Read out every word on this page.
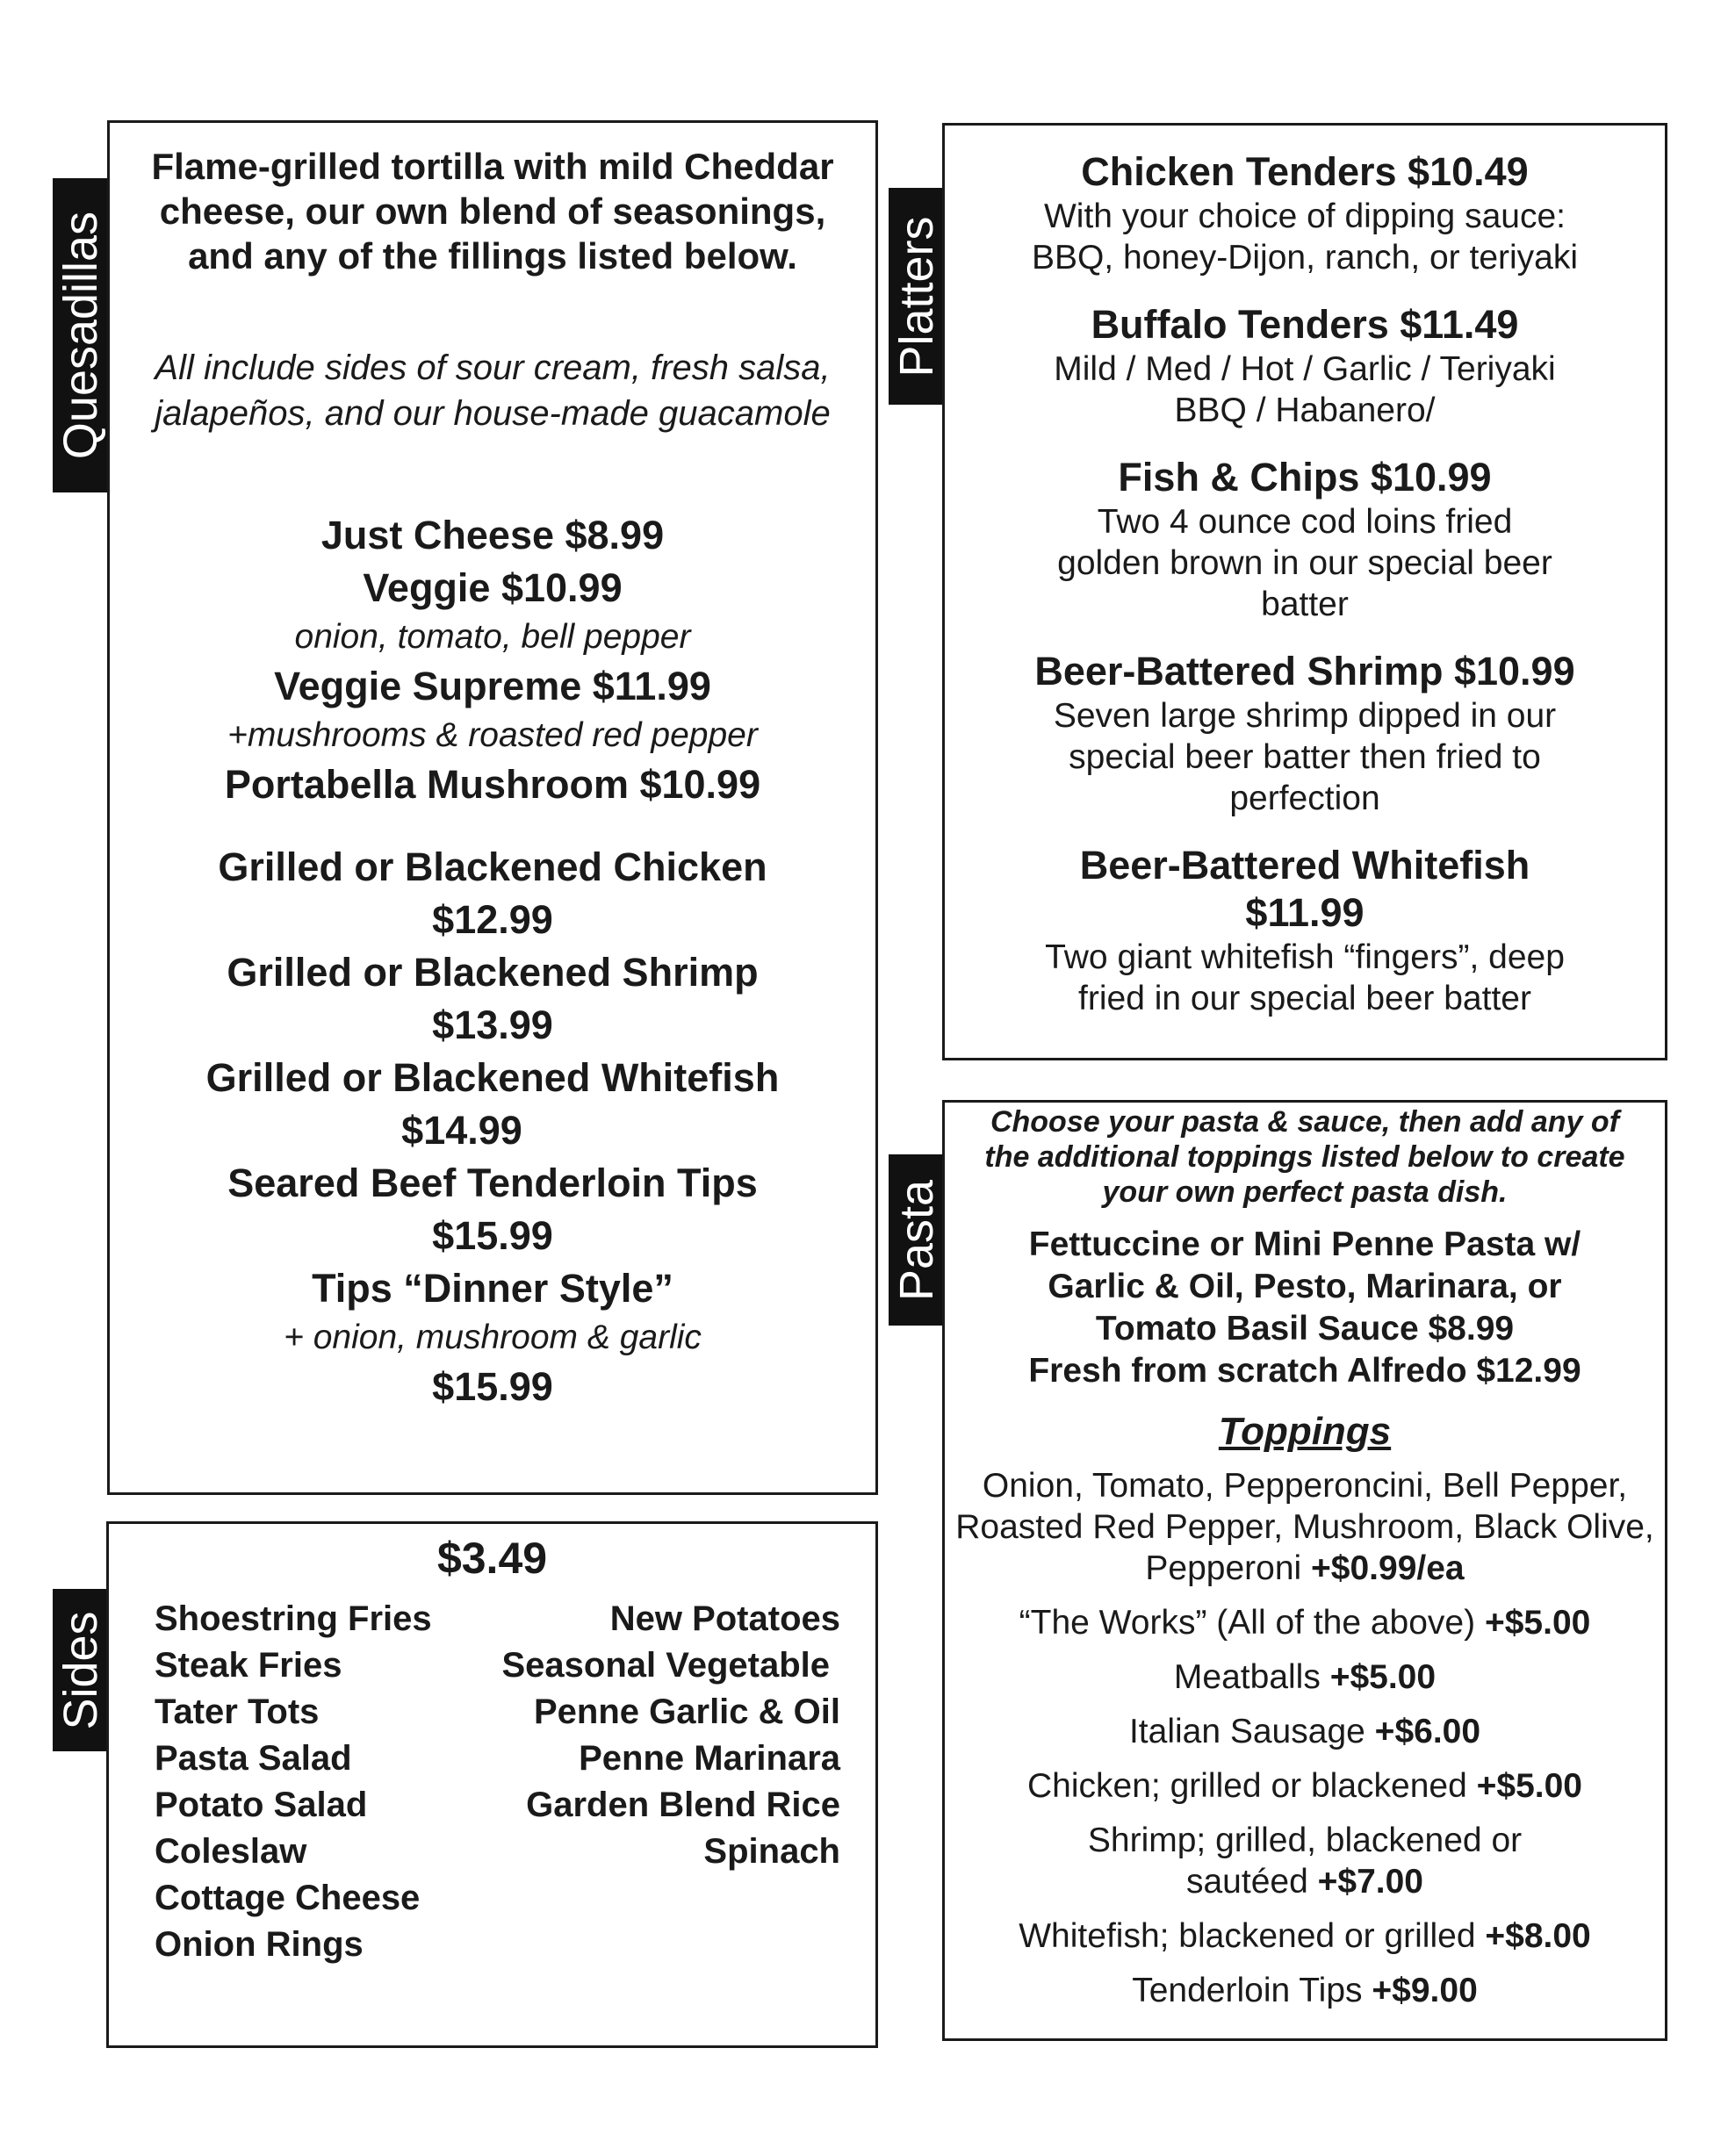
Quesadillas
Sides
Platters
Pasta

Flame-grilled tortilla with mild Cheddar cheese, our own blend of seasonings, and any of the fillings listed below.

All include sides of sour cream, fresh salsa, jalapeños, and our house-made guacamole

Just Cheese $8.99
Veggie $10.99
onion, tomato, bell pepper
Veggie Supreme $11.99
+mushrooms & roasted red pepper
Portabella Mushroom $10.99
Grilled or Blackened Chicken
$12.99
Grilled or Blackened Shrimp
$13.99
Grilled or Blackened Whitefish
$14.99
Seared Beef Tenderloin Tips
$15.99
Tips “Dinner Style”
+ onion, mushroom & garlic
$15.99
$3.49
Shoestring Fries
Steak Fries
Tater Tots
Pasta Salad
Potato Salad
Coleslaw
Cottage Cheese
Onion Rings
New Potatoes
Seasonal Vegetable
Penne Garlic & Oil
Penne Marinara
Garden Blend Rice
Spinach
Chicken Tenders $10.49
With your choice of dipping sauce:
BBQ, honey-Dijon, ranch, or teriyaki
Buffalo Tenders $11.49
Mild / Med / Hot / Garlic / Teriyaki
BBQ / Habanero/
Fish & Chips $10.99
Two 4 ounce cod loins fried
golden brown in our special beer
batter
Beer-Battered Shrimp $10.99
Seven large shrimp dipped in our
special beer batter then fried to
perfection
Beer-Battered Whitefish
$11.99
Two giant whitefish “fingers”, deep
fried in our special beer batter
Choose your pasta & sauce, then add any of
the additional toppings listed below to create
your own perfect pasta dish.
Fettuccine or Mini Penne Pasta w/
Garlic & Oil, Pesto, Marinara, or
Tomato Basil Sauce $8.99
Fresh from scratch Alfredo $12.99
Toppings
Onion, Tomato, Pepperoncini, Bell Pepper, Roasted Red Pepper, Mushroom, Black Olive, Pepperoni +$0.99/ea
“The Works” (All of the above) +$5.00
Meatballs +$5.00
Italian Sausage +$6.00
Chicken; grilled or blackened +$5.00
Shrimp; grilled, blackened or sautéed +$7.00
Whitefish; blackened or grilled +$8.00
Tenderloin Tips +$9.00
